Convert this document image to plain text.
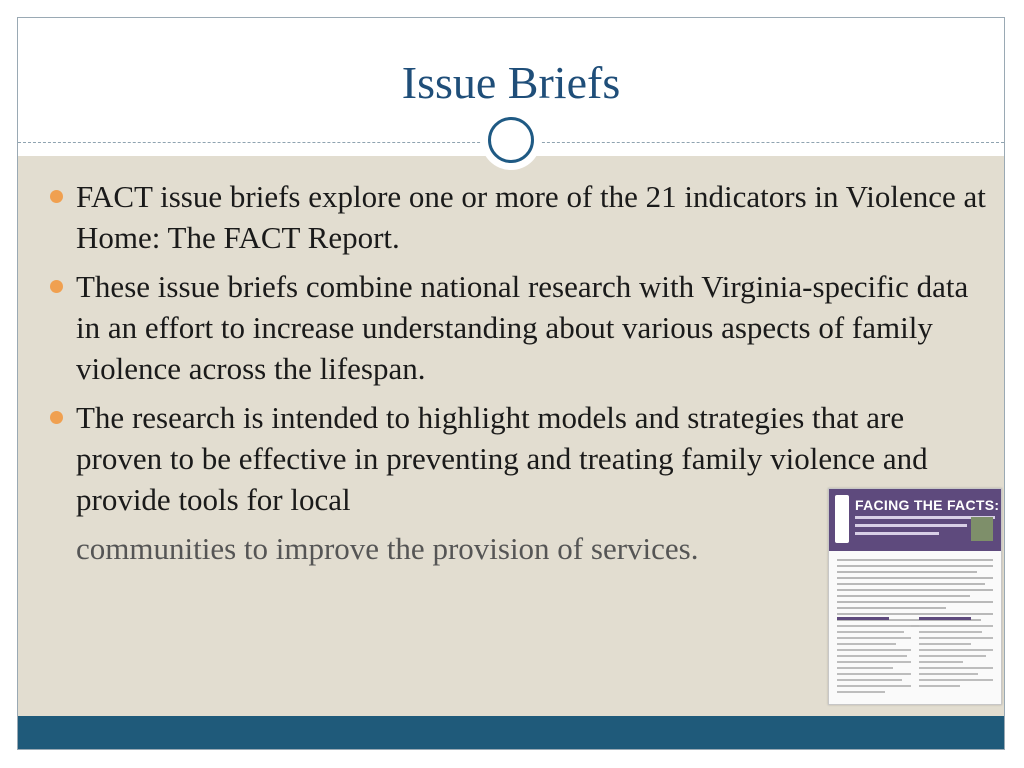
Issue Briefs
FACT issue briefs explore one or more of the 21 indicators in Violence at Home: The FACT Report.
These issue briefs combine national research with Virginia-specific data in an effort to increase understanding about various aspects of family violence across the lifespan.
The research is intended to highlight models and strategies that are proven to be effective in preventing and treating family violence and provide tools for local
communities to improve the provision of services.
FACING THE FACTS:
